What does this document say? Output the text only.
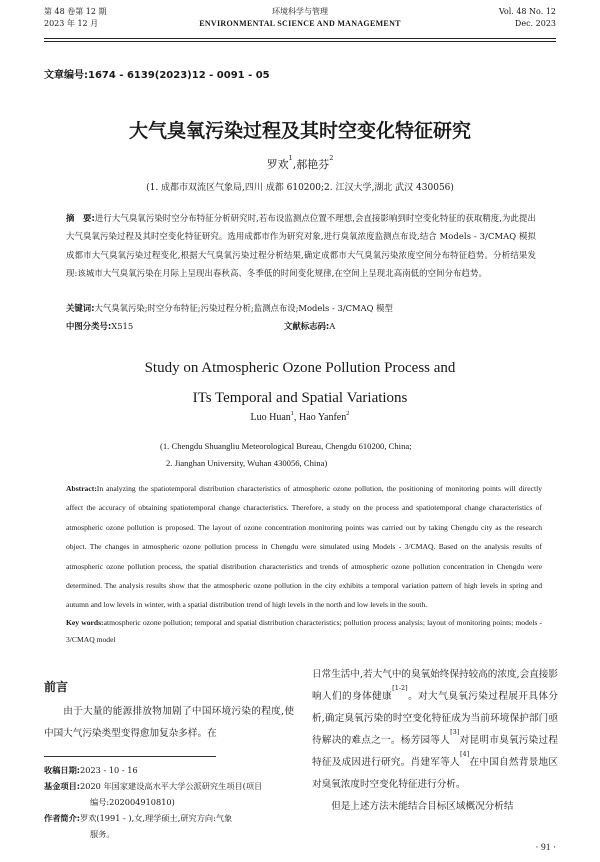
第 48 卷第 12 期
2023 年 12 月
环境科学与管理
ENVIRONMENTAL SCIENCE AND MANAGEMENT
Vol. 48 No. 12
Dec. 2023
文章编号:1674 - 6139(2023)12 - 0091 - 05
大气臭氧污染过程及其时空变化特征研究
罗欢$^1$,郝艳芬$^2$
(1. 成都市双流区气象局,四川 成都 610200;2. 江汉大学,湖北 武汉 430056)
摘　要:进行大气臭氧污染时空分布特征分析研究时,若布设监测点位置不理想,会直接影响到时空变化特征的获取精度,为此提出大气臭氧污染过程及其时空变化特征研究。选用成都市作为研究对象,进行臭氧浓度监测点布设,结合 Models - 3/CMAQ 模拟成都市大气臭氧污染过程变化,根据大气臭氧污染过程分析结果,确定成都市大气臭氧污染浓度空间分布特征趋势。分析结果发现:该城市大气臭氧污染在月际上呈现出春秋高、冬季低的时间变化规律,在空间上呈现北高南低的空间分布趋势。
关键词:大气臭氧污染;时空分布特征;污染过程分析;监测点布设;Models - 3/CMAQ 模型
中图分类号:X515	文献标志码:A
Study on Atmospheric Ozone Pollution Process and
ITs Temporal and Spatial Variations
Luo Huan$^1$, Hao Yanfen$^2$
(1. Chengdu Shuangliu Meteorological Bureau, Chengdu 610200, China;
2. Jianghan University, Wuhan 430056, China)
Abstract:In analyzing the spatiotemporal distribution characteristics of atmospheric ozone pollution, the positioning of monitoring points will directly affect the accuracy of obtaining spatiotemporal change characteristics. Therefore, a study on the process and spatiotemporal change characteristics of atmospheric ozone pollution is proposed. The layout of ozone concentration monitoring points was carried out by taking Chengdu city as the research object. The changes in atmospheric ozone pollution process in Chengdu were simulated using Models - 3/CMAQ. Based on the analysis results of atmospheric ozone pollution process, the spatial distribution characteristics and trends of atmospheric ozone pollution concentration in Chengdu were determined. The analysis results show that the atmospheric ozone pollution in the city exhibits a temporal variation pattern of high levels in spring and autumn and low levels in winter, with a spatial distribution trend of high levels in the north and low levels in the south.
Key words:atmospheric ozone pollution; temporal and spatial distribution characteristics; pollution process analysis; layout of monitoring points; models - 3/CMAQ model
前言

由于大量的能源排放物加剧了中国环境污染的程度,使中国大气污染类型变得愈加复杂多样。在

收稿日期:2023 - 10 - 16
基金项目:2020 年国家建设高水平大学公派研究生项目(项目
编号:202004910810)
作者简介:罗欢(1991 - ),女,理学硕士,研究方向:气象
服务。

日常生活中,若大气中的臭氧始终保持较高的浓度,会直接影响人们的身体健康[1-2]。对大气臭氧污染过程展开具体分析,确定臭氧污染的时空变化特征成为当前环境保护部门亟待解决的难点之一。杨芳园等人[3]对昆明市臭氧污染过程特征及成因进行研究。肖建军等人[4]在中国自然背景地区对臭氧浓度时空变化特征进行分析。

但是上述方法未能结合目标区域概况分析结

· 91 ·
